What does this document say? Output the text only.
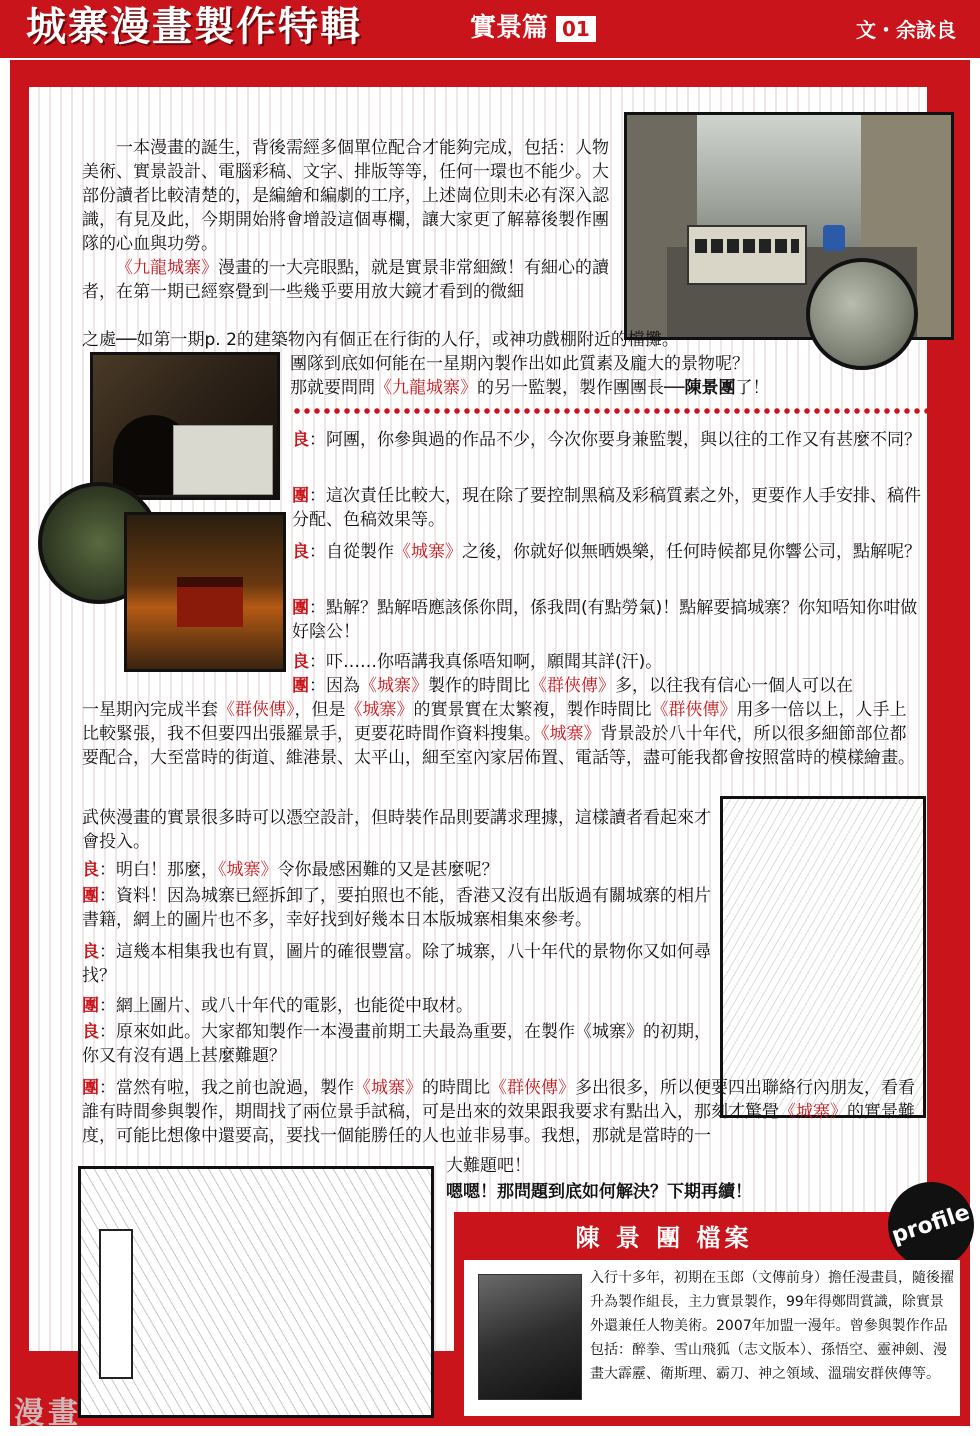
城寨漫畫製作特輯	實景篇 01	文・余詠良

一本漫畫的誕生，背後需經多個單位配合才能夠完成，包括：人物美術、實景設計、電腦彩稿、文字、排版等等，任何一環也不能少。大部份讀者比較清楚的，是編繪和編劇的工序，上述崗位則未必有深入認識，有見及此，今期開始將會增設這個專欄，讓大家更了解幕後製作團隊的心血與功勞。

《九龍城寨》漫畫的一大亮眼點，就是實景非常細緻！有細心的讀者，在第一期已經察覺到一些幾乎要用放大鏡才看到的微細

之處──如第一期p. 2的建築物內有個正在行街的人仔，或神功戲棚附近的檔攤。
團隊到底如何能在一星期內製作出如此質素及龐大的景物呢？
那就要問問《九龍城寨》的另一監製，製作團團長──陳景團了！
良：阿團，你參與過的作品不少，今次你要身兼監製，與以往的工作又有甚麼不同？
團：這次責任比較大，現在除了要控制黑稿及彩稿質素之外，更要作人手安排、稿件分配、色稿效果等。
良：自從製作《城寨》之後，你就好似無晒娛樂，任何時候都見你響公司，點解呢？
團：點解？點解唔應該係你問，係我問(有點勞氣)！點解要搞城寨？你知唔知你咁做好陰公！
良：吓……你唔講我真係唔知啊，願聞其詳(汗)。
團：因為《城寨》製作的時間比《群俠傳》多，以往我有信心一個人可以在
一星期內完成半套《群俠傳》，但是《城寨》的實景實在太繁複，製作時間比《群俠傳》用多一倍以上，人手上比較緊張，我不但要四出張羅景手，更要花時間作資料搜集。《城寨》背景設於八十年代，所以很多細節部位都要配合，大至當時的街道、維港景、太平山，細至室內家居佈置、電話等，盡可能我都會按照當時的模樣繪畫。
武俠漫畫的實景很多時可以憑空設計，但時裝作品則要講求理據，這樣讀者看起來才會投入。
良：明白！那麼，《城寨》令你最感困難的又是甚麼呢？
團：資料！因為城寨已經拆卸了，要拍照也不能，香港又沒有出版過有關城寨的相片書籍，網上的圖片也不多，幸好找到好幾本日本版城寨相集來參考。
良：這幾本相集我也有買，圖片的確很豐富。除了城寨，八十年代的景物你又如何尋找？
團：網上圖片、或八十年代的電影，也能從中取材。
良：原來如此。大家都知製作一本漫畫前期工夫最為重要，在製作《城寨》的初期，你又有沒有遇上甚麼難題？
團：當然有啦，我之前也說過，製作《城寨》的時間比《群俠傳》多出很多，所以便要四出聯絡行內朋友，看看誰有時間參與製作，期間找了兩位景手試稿，可是出來的效果跟我要求有點出入，那刻才驚覺《城寨》的實景難度，可能比想像中還要高，要找一個能勝任的人也並非易事。我想，那就是當時的一
大難題吧！
嗯嗯！那問題到底如何解決？下期再續！
陳 景 團 檔案	profile
入行十多年，初期在玉郎（文傳前身）擔任漫畫員，隨後擢升為製作組長，主力實景製作，99年得鄭問賞識，除實景外還兼任人物美術。2007年加盟一漫年。曾參與製作作品包括：醉拳、雪山飛狐（志文版本）、孫悟空、靈神劍、漫畫大霹靂、衛斯理、霸刀、神之領域、溫瑞安群俠傳等。
漫畫
